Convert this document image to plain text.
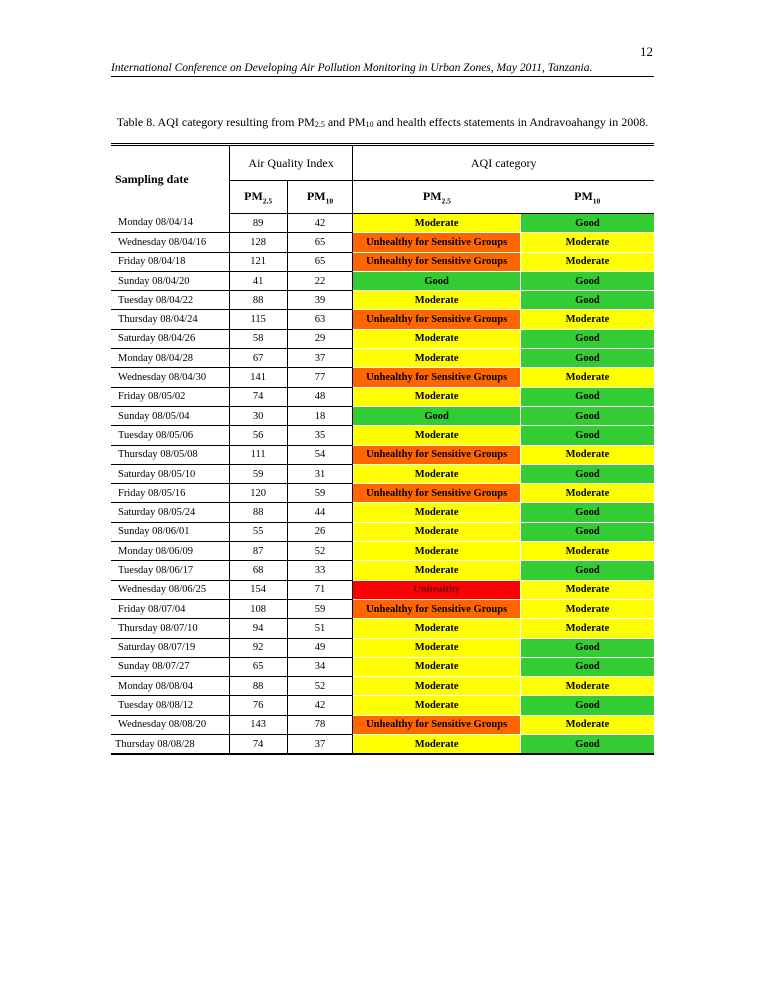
12
International Conference on Developing Air Pollution Monitoring in Urban Zones, May 2011, Tanzania.
Table 8. AQI category resulting from $PM_{2.5}$ and $PM_{10}$ and health effects statements in Andravoahangy in 2008.
Sampling date	Air Quality Index		AQI category	
	$PM_{2.5}$	$PM_{10}$	$PM_{2.5}$	$PM_{10}$
Monday 08/04/14	89	42	Moderate	Good
Wednesday 08/04/16	128	65	Unhealthy for Sensitive Groups	Moderate
Friday 08/04/18	121	65	Unhealthy for Sensitive Groups	Moderate
Sunday 08/04/20	41	22	Good	Good
Tuesday 08/04/22	88	39	Moderate	Good
Thursday 08/04/24	115	63	Unhealthy for Sensitive Groups	Moderate
Saturday 08/04/26	58	29	Moderate	Good
Monday 08/04/28	67	37	Moderate	Good
Wednesday 08/04/30	141	77	Unhealthy for Sensitive Groups	Moderate
Friday 08/05/02	74	48	Moderate	Good
Sunday 08/05/04	30	18	Good	Good
Tuesday 08/05/06	56	35	Moderate	Good
Thursday 08/05/08	111	54	Unhealthy for Sensitive Groups	Moderate
Saturday 08/05/10	59	31	Moderate	Good
Friday 08/05/16	120	59	Unhealthy for Sensitive Groups	Moderate
Saturday 08/05/24	88	44	Moderate	Good
Sunday 08/06/01	55	26	Moderate	Good
Monday 08/06/09	87	52	Moderate	Moderate
Tuesday 08/06/17	68	33	Moderate	Good
Wednesday 08/06/25	154	71	Unhealthy	Moderate
Friday 08/07/04	108	59	Unhealthy for Sensitive Groups	Moderate
Thursday 08/07/10	94	51	Moderate	Moderate
Saturday 08/07/19	92	49	Moderate	Good
Sunday 08/07/27	65	34	Moderate	Good
Monday 08/08/04	88	52	Moderate	Moderate
Tuesday 08/08/12	76	42	Moderate	Good
Wednesday 08/08/20	143	78	Unhealthy for Sensitive Groups	Moderate
Thursday 08/08/28	74	37	Moderate	Good
